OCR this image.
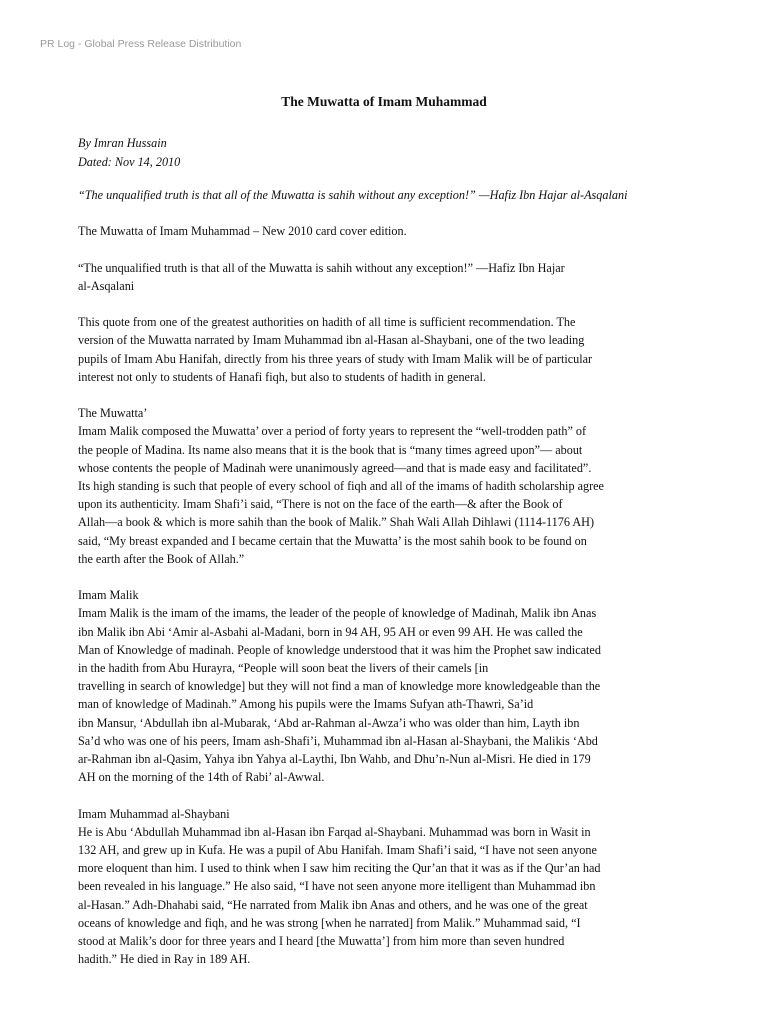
PR Log - Global Press Release Distribution
The Muwatta of Imam Muhammad
By Imran Hussain
Dated: Nov 14, 2010

“The unqualified truth is that all of the Muwatta is sahih without any exception!” —Hafiz Ibn Hajar al-Asqalani

The Muwatta of Imam Muhammad – New 2010 card cover edition.

“The unqualified truth is that all of the Muwatta is sahih without any exception!” —Hafiz Ibn Hajar
al-Asqalani
This quote from one of the greatest authorities on hadith of all time is sufficient recommendation. The
version of the Muwatta narrated by Imam Muhammad ibn al-Hasan al-Shaybani, one of the two leading
pupils of Imam Abu Hanifah, directly from his three years of study with Imam Malik will be of particular
interest not only to students of Hanafi fiqh, but also to students of hadith in general.
The Muwatta’
Imam Malik composed the Muwatta’ over a period of forty years to represent the “well-trodden path” of
the people of Madina. Its name also means that it is the book that is “many times agreed upon”— about
whose contents the people of Madinah were unanimously agreed—and that is made easy and facilitated”.
Its high standing is such that people of every school of fiqh and all of the imams of hadith scholarship agree
upon its authenticity. Imam Shafi’i said, “There is not on the face of the earth—& after the Book of
Allah—a book & which is more sahih than the book of Malik.” Shah Wali Allah Dihlawi (1114-1176 AH)
said, “My breast expanded and I became certain that the Muwatta’ is the most sahih book to be found on
the earth after the Book of Allah.”
Imam Malik
Imam Malik is the imam of the imams, the leader of the people of knowledge of Madinah, Malik ibn Anas
ibn Malik ibn Abi ‘Amir al-Asbahi al-Madani, born in 94 AH, 95 AH or even 99 AH. He was called the
Man of Knowledge of madinah. People of knowledge understood that it was him the Prophet saw indicated
in the hadith from Abu Hurayra, “People will soon beat the livers of their camels [in
travelling in search of knowledge] but they will not find a man of knowledge more knowledgeable than the
man of knowledge of Madinah.” Among his pupils were the Imams Sufyan ath-Thawri, Sa’id
ibn Mansur, ‘Abdullah ibn al-Mubarak, ‘Abd ar-Rahman al-Awza’i who was older than him, Layth ibn
Sa’d who was one of his peers, Imam ash-Shafi’i, Muhammad ibn al-Hasan al-Shaybani, the Malikis ‘Abd
ar-Rahman ibn al-Qasim, Yahya ibn Yahya al-Laythi, Ibn Wahb, and Dhu’n-Nun al-Misri. He died in 179
AH on the morning of the 14th of Rabi’ al-Awwal.
Imam Muhammad al-Shaybani
He is Abu ‘Abdullah Muhammad ibn al-Hasan ibn Farqad al-Shaybani. Muhammad was born in Wasit in
132 AH, and grew up in Kufa. He was a pupil of Abu Hanifah. Imam Shafi’i said, “I have not seen anyone
more eloquent than him. I used to think when I saw him reciting the Qur’an that it was as if the Qur’an had
been revealed in his language.” He also said, “I have not seen anyone more itelligent than Muhammad ibn
al-Hasan.” Adh-Dhahabi said, “He narrated from Malik ibn Anas and others, and he was one of the great
oceans of knowledge and fiqh, and he was strong [when he narrated] from Malik.” Muhammad said, “I
stood at Malik’s door for three years and I heard [the Muwatta’] from him more than seven hundred
hadith.” He died in Ray in 189 AH.
